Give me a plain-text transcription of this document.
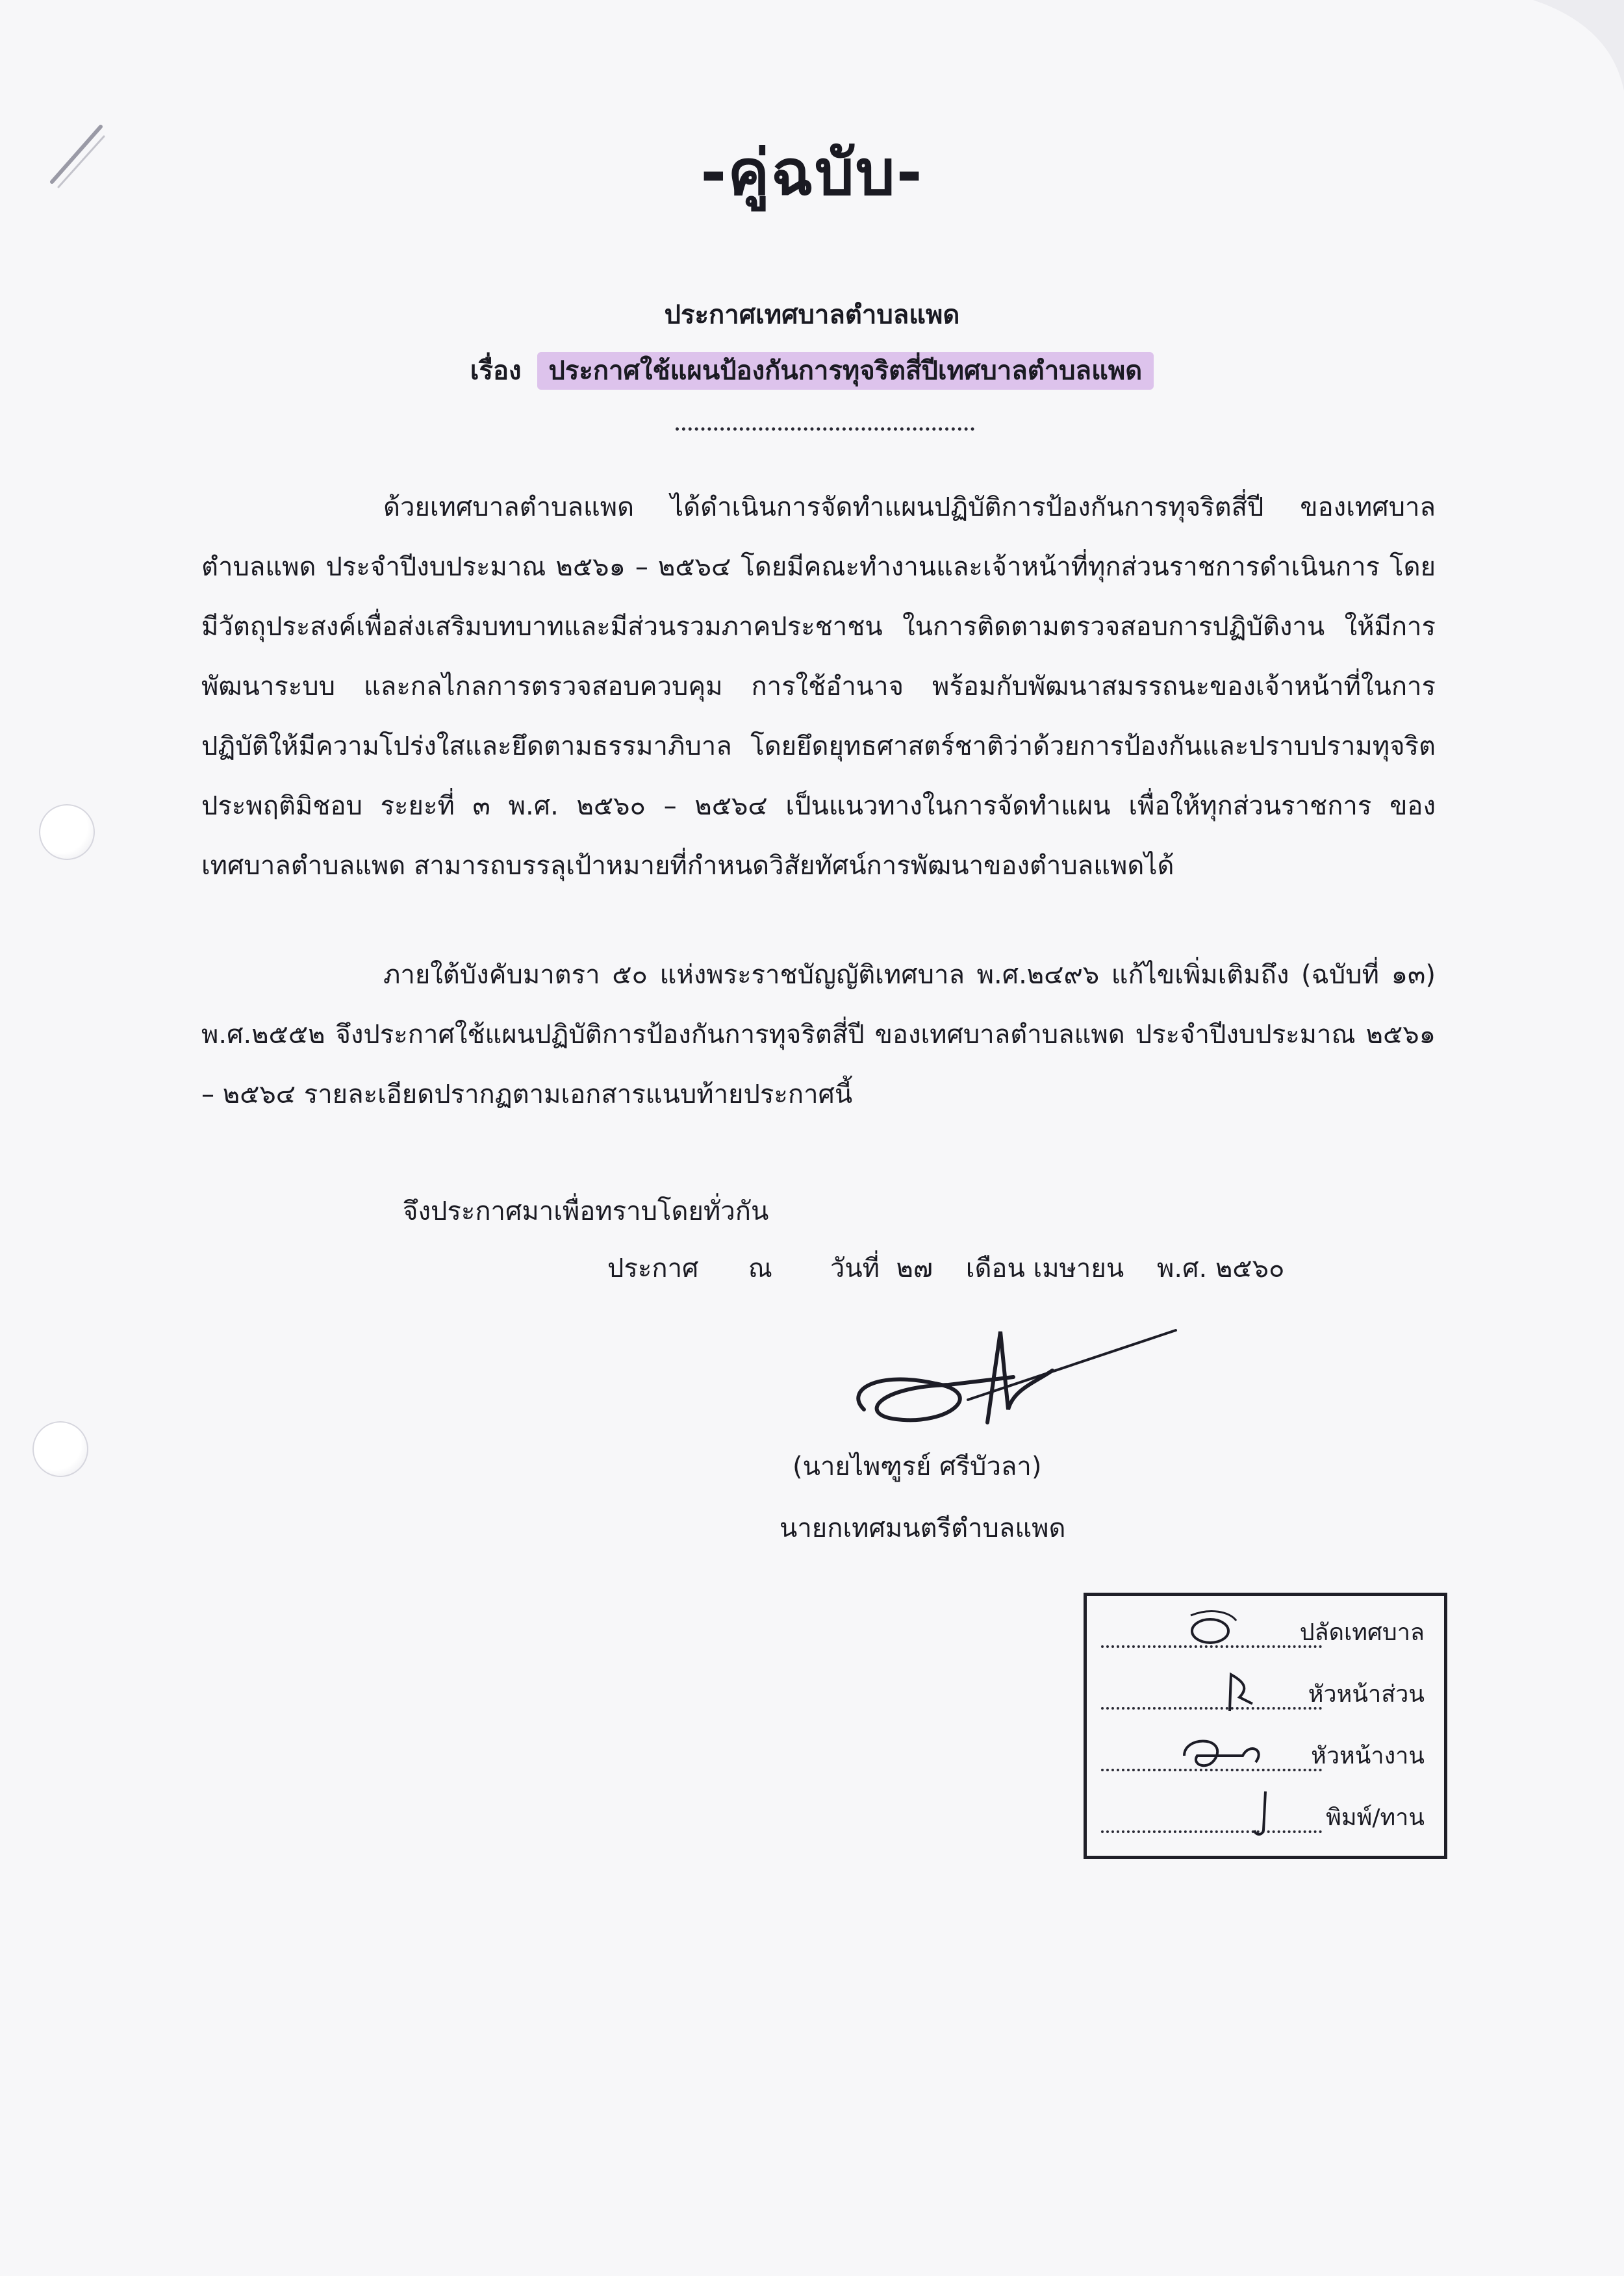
-คู่ฉบับ-
ประกาศเทศบาลตำบลแพด
เรื่อง ประกาศใช้แผนป้องกันการทุจริตสี่ปีเทศบาลตำบลแพด
ด้วยเทศบาลตำบลแพด ได้ดำเนินการจัดทำแผนปฏิบัติการป้องกันการทุจริตสี่ปี ของเทศบาลตำบลแพด ประจำปีงบประมาณ ๒๕๖๑ – ๒๕๖๔ โดยมีคณะทำงานและเจ้าหน้าที่ทุกส่วนราชการดำเนินการ โดยมีวัตถุประสงค์เพื่อส่งเสริมบทบาทและมีส่วนรวมภาคประชาชน ในการติดตามตรวจสอบการปฏิบัติงาน ให้มีการพัฒนาระบบ และกลไกลการตรวจสอบควบคุม การใช้อำนาจ พร้อมกับพัฒนาสมรรถนะของเจ้าหน้าที่ในการปฏิบัติให้มีความโปร่งใสและยึดตามธรรมาภิบาล โดยยึดยุทธศาสตร์ชาติว่าด้วยการป้องกันและปราบปรามทุจริตประพฤติมิชอบ ระยะที่ ๓ พ.ศ. ๒๕๖๐ – ๒๕๖๔ เป็นแนวทางในการจัดทำแผน เพื่อให้ทุกส่วนราชการ ของเทศบาลตำบลแพด สามารถบรรลุเป้าหมายที่กำหนดวิสัยทัศน์การพัฒนาของตำบลแพดได้
ภายใต้บังคับมาตรา ๕๐ แห่งพระราชบัญญัติเทศบาล พ.ศ.๒๔๙๖ แก้ไขเพิ่มเติมถึง (ฉบับที่ ๑๓) พ.ศ.๒๕๕๒ จึงประกาศใช้แผนปฏิบัติการป้องกันการทุจริตสี่ปี ของเทศบาลตำบลแพด ประจำปีงบประมาณ ๒๕๖๑ – ๒๕๖๔ รายละเอียดปรากฏตามเอกสารแนบท้ายประกาศนี้
จึงประกาศมาเพื่อทราบโดยทั่วกัน
ประกาศ ณ วันที่ ๒๗ เดือน เมษายน พ.ศ. ๒๕๖๐
(นายไพฑูรย์ ศรีบัวลา)
นายกเทศมนตรีตำบลแพด
ปลัดเทศบาล
หัวหน้าส่วน
หัวหน้างาน
พิมพ์/ทาน
